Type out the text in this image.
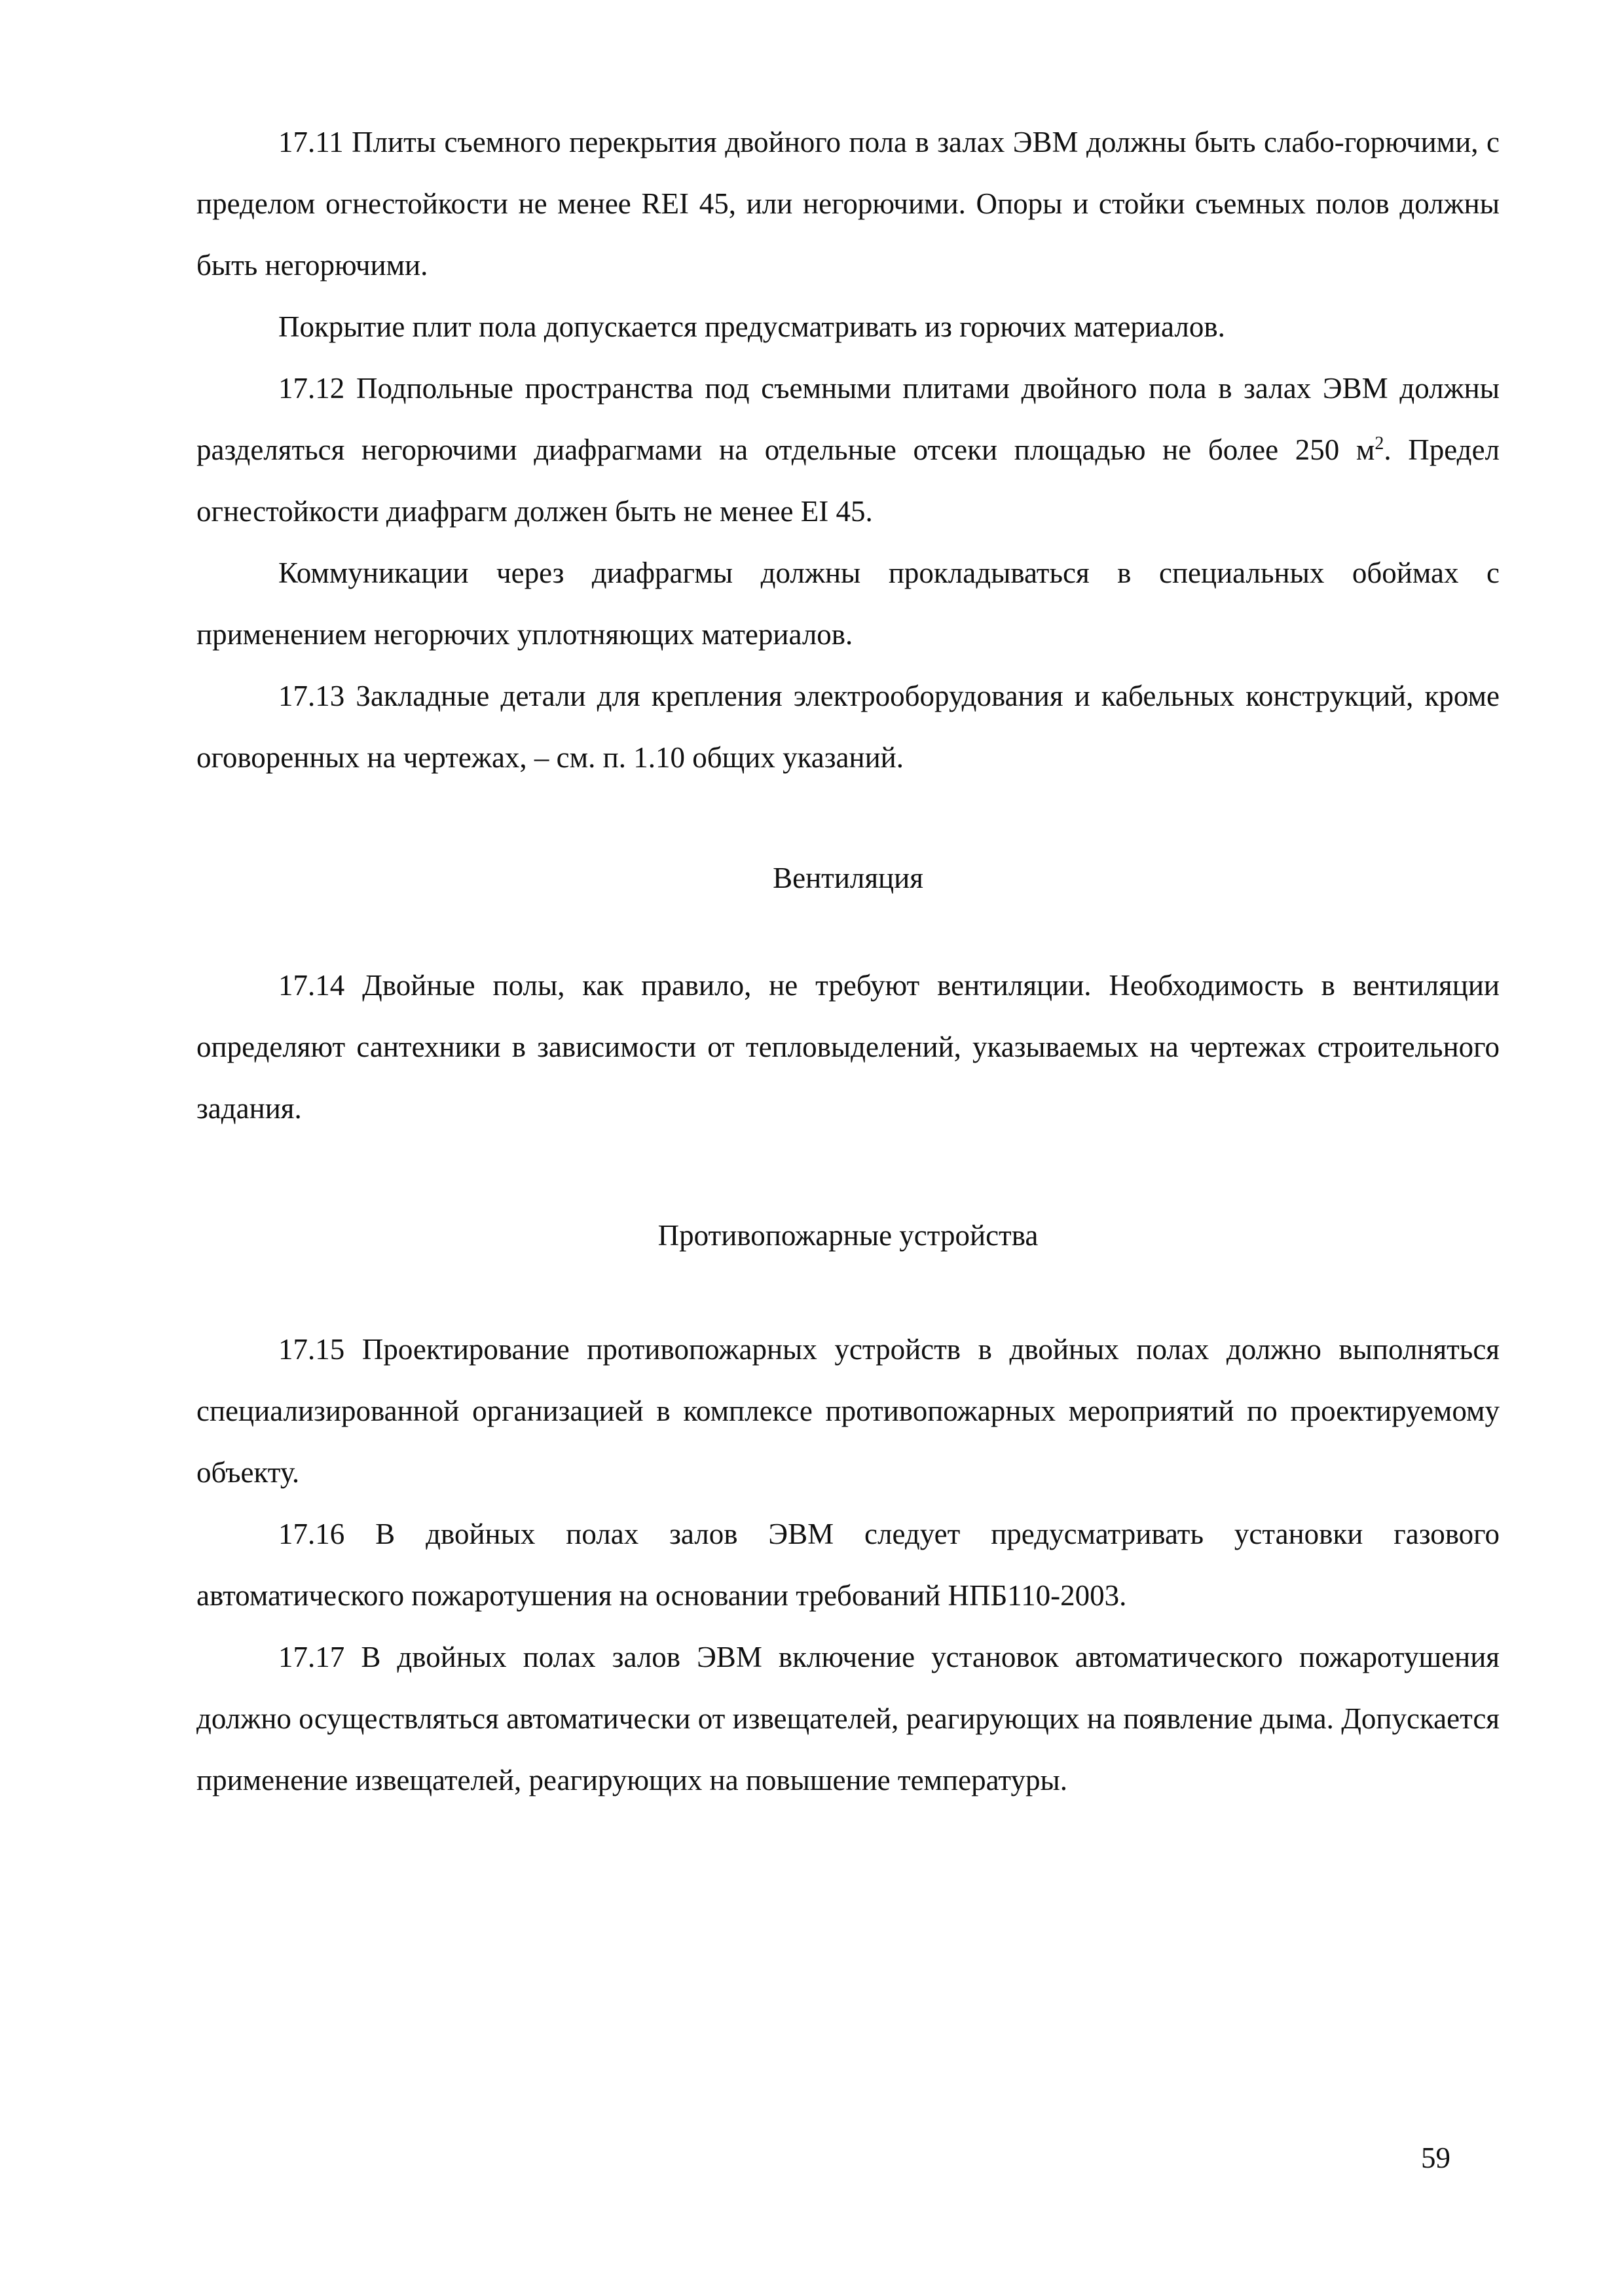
17.11 Плиты съемного перекрытия двойного пола в залах ЭВМ должны быть слабо-горючими, с пределом огнестойкости не менее REI 45, или негорючими. Опоры и стойки съемных полов должны быть негорючими.

Покрытие плит пола допускается предусматривать из горючих материалов.

17.12 Подпольные пространства под съемными плитами двойного пола в залах ЭВМ должны разделяться негорючими диафрагмами на отдельные отсеки площадью не более 250 $м^2$. Предел огнестойкости диафрагм должен быть не менее EI 45.

Коммуникации через диафрагмы должны прокладываться в специальных обоймах с применением негорючих уплотняющих материалов.

17.13 Закладные детали для крепления электрооборудования и кабельных конструкций, кроме оговоренных на чертежах, – см. п. 1.10 общих указаний.

Вентиляция

17.14 Двойные полы, как правило, не требуют вентиляции. Необходимость в вентиляции определяют сантехники в зависимости от тепловыделений, указываемых на чертежах строительного задания.

Противопожарные устройства

17.15 Проектирование противопожарных устройств в двойных полах должно выполняться специализированной организацией в комплексе противопожарных мероприятий по проектируемому объекту.

17.16 В двойных полах залов ЭВМ следует предусматривать установки газового автоматического пожаротушения на основании требований НПБ110-2003.

17.17 В двойных полах залов ЭВМ включение установок автоматического пожаротушения должно осуществляться автоматически от извещателей, реагирующих на появление дыма. Допускается применение извещателей, реагирующих на повышение температуры.

59
